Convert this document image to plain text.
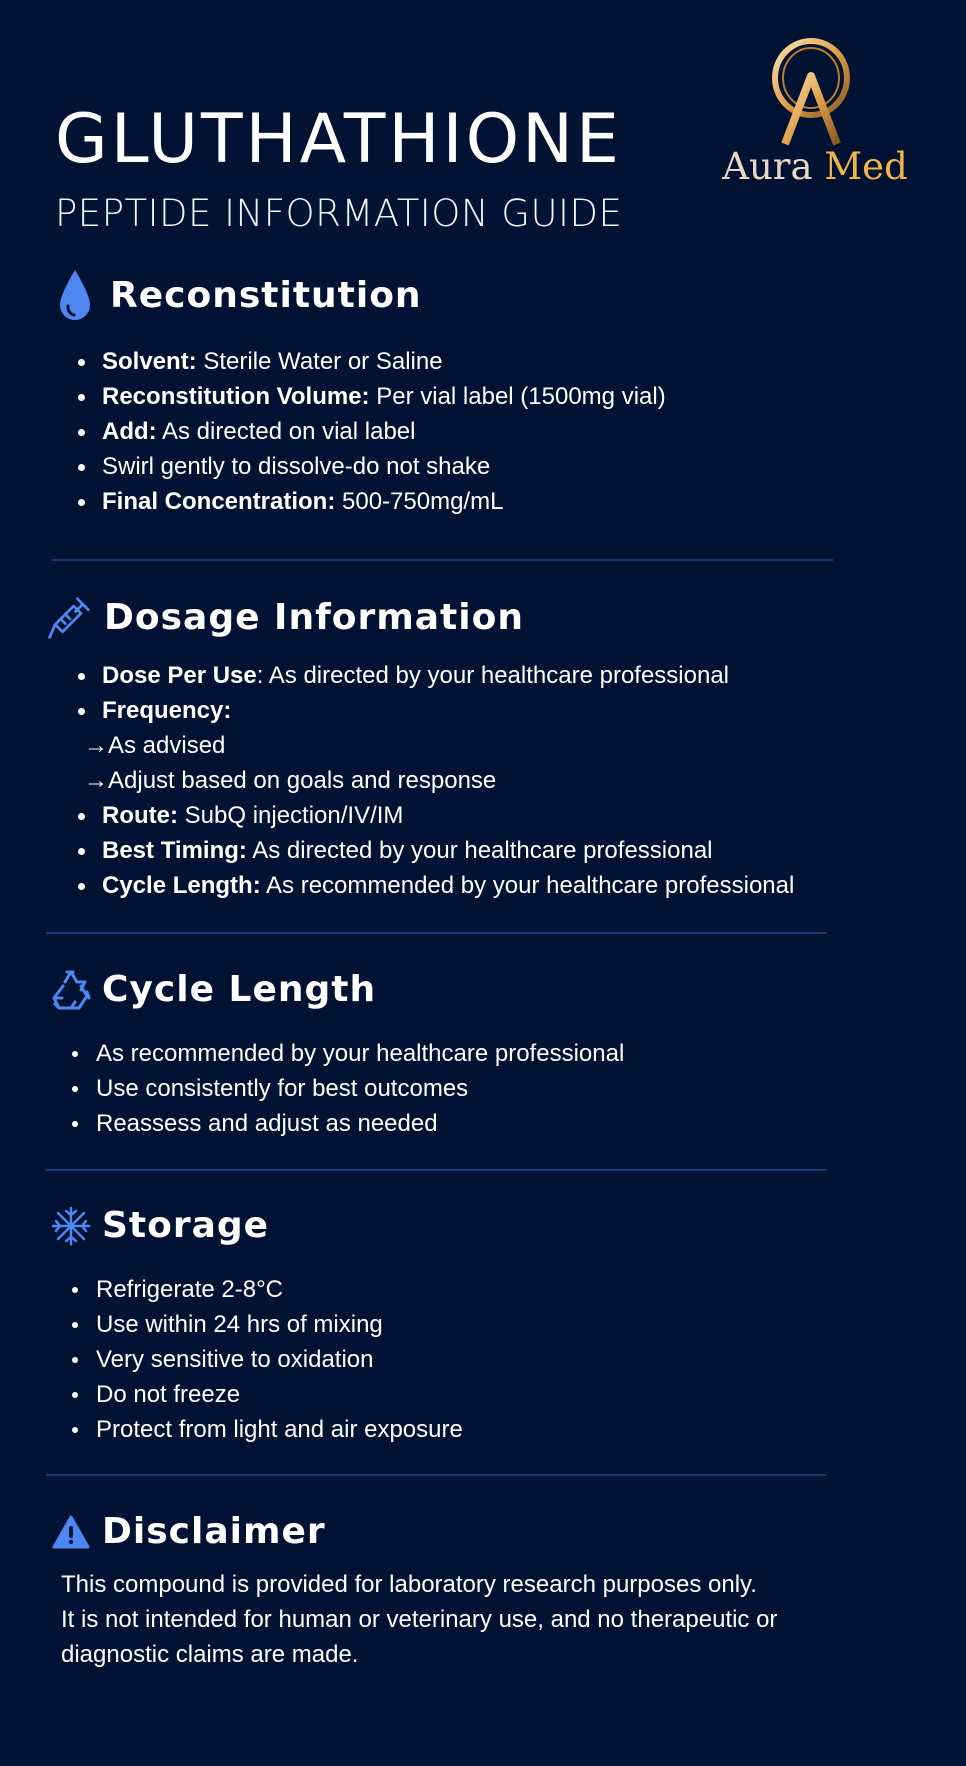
GLUTHATHIONE
PEPTIDE INFORMATION GUIDE
Aura Med
Reconstitution
Solvent: Sterile Water or Saline
Reconstitution Volume: Per vial label (1500mg vial)
Add: As directed on vial label
Swirl gently to dissolve-do not shake
Final Concentration: 500-750mg/mL
Dosage Information
Dose Per Use: As directed by your healthcare professional
Frequency:
→As advised
→Adjust based on goals and response
Route: SubQ injection/IV/IM
Best Timing: As directed by your healthcare professional
Cycle Length: As recommended by your healthcare professional
Cycle Length
As recommended by your healthcare professional
Use consistently for best outcomes
Reassess and adjust as needed
Storage
Refrigerate 2-8°C
Use within 24 hrs of mixing
Very sensitive to oxidation
Do not freeze
Protect from light and air exposure
Disclaimer
This compound is provided for laboratory research purposes only.
It is not intended for human or veterinary use, and no therapeutic or
diagnostic claims are made.
